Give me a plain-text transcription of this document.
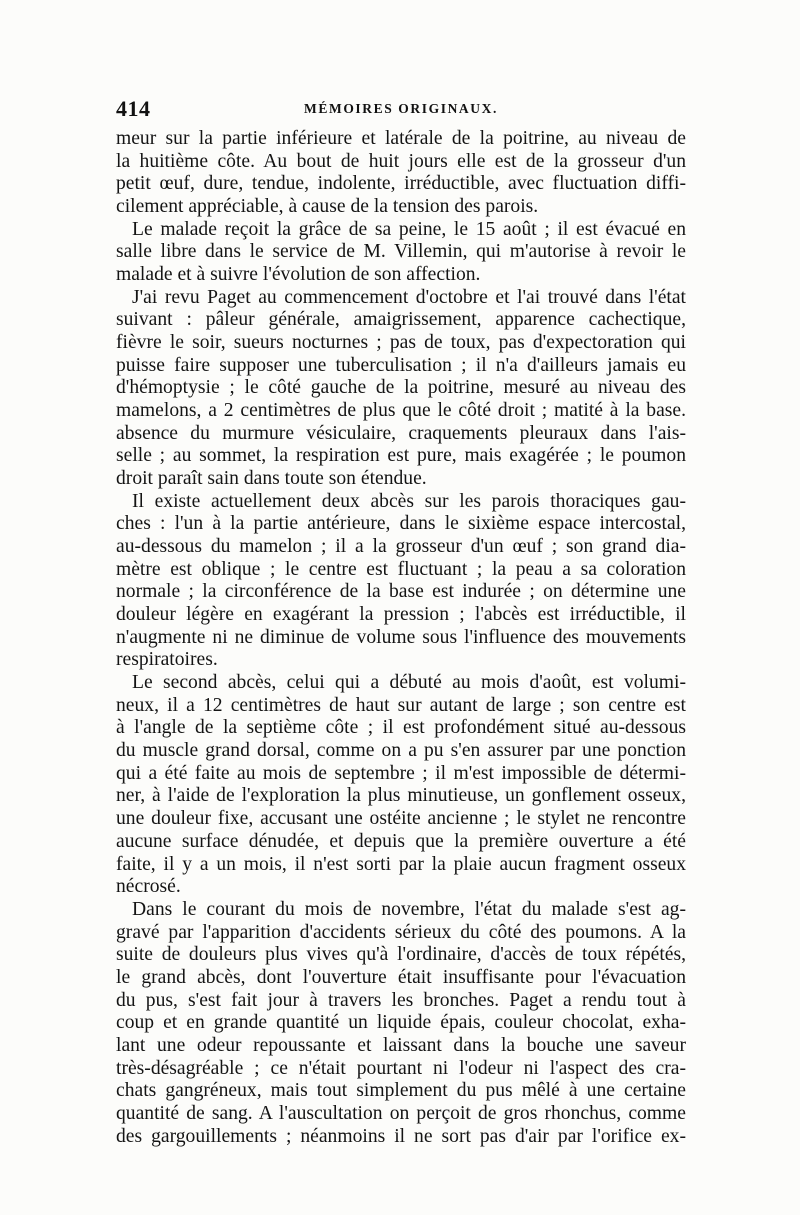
414	MÉMOIRES ORIGINAUX.
meur sur la partie inférieure et latérale de la poitrine, au niveau de
la huitième côte. Au bout de huit jours elle est de la grosseur d'un
petit œuf, dure, tendue, indolente, irréductible, avec fluctuation diffi-
cilement appréciable, à cause de la tension des parois.
Le malade reçoit la grâce de sa peine, le 15 août ; il est évacué en
salle libre dans le service de M. Villemin, qui m'autorise à revoir le
malade et à suivre l'évolution de son affection.
J'ai revu Paget au commencement d'octobre et l'ai trouvé dans l'état
suivant : pâleur générale, amaigrissement, apparence cachectique,
fièvre le soir, sueurs nocturnes ; pas de toux, pas d'expectoration qui
puisse faire supposer une tuberculisation ; il n'a d'ailleurs jamais eu
d'hémoptysie ; le côté gauche de la poitrine, mesuré au niveau des
mamelons, a 2 centimètres de plus que le côté droit ; matité à la base.
absence du murmure vésiculaire, craquements pleuraux dans l'ais-
selle ; au sommet, la respiration est pure, mais exagérée ; le poumon
droit paraît sain dans toute son étendue.
Il existe actuellement deux abcès sur les parois thoraciques gau-
ches : l'un à la partie antérieure, dans le sixième espace intercostal,
au-dessous du mamelon ; il a la grosseur d'un œuf ; son grand dia-
mètre est oblique ; le centre est fluctuant ; la peau a sa coloration
normale ; la circonférence de la base est indurée ; on détermine une
douleur légère en exagérant la pression ; l'abcès est irréductible, il
n'augmente ni ne diminue de volume sous l'influence des mouvements
respiratoires.
Le second abcès, celui qui a débuté au mois d'août, est volumi-
neux, il a 12 centimètres de haut sur autant de large ; son centre est
à l'angle de la septième côte ; il est profondément situé au-dessous
du muscle grand dorsal, comme on a pu s'en assurer par une ponction
qui a été faite au mois de septembre ; il m'est impossible de détermi-
ner, à l'aide de l'exploration la plus minutieuse, un gonflement osseux,
une douleur fixe, accusant une ostéite ancienne ; le stylet ne rencontre
aucune surface dénudée, et depuis que la première ouverture a été
faite, il y a un mois, il n'est sorti par la plaie aucun fragment osseux
nécrosé.
Dans le courant du mois de novembre, l'état du malade s'est ag-
gravé par l'apparition d'accidents sérieux du côté des poumons. A la
suite de douleurs plus vives qu'à l'ordinaire, d'accès de toux répétés,
le grand abcès, dont l'ouverture était insuffisante pour l'évacuation
du pus, s'est fait jour à travers les bronches. Paget a rendu tout à
coup et en grande quantité un liquide épais, couleur chocolat, exha-
lant une odeur repoussante et laissant dans la bouche une saveur
très-désagréable ; ce n'était pourtant ni l'odeur ni l'aspect des cra-
chats gangréneux, mais tout simplement du pus mêlé à une certaine
quantité de sang. A l'auscultation on perçoit de gros rhonchus, comme
des gargouillements ; néanmoins il ne sort pas d'air par l'orifice ex-
